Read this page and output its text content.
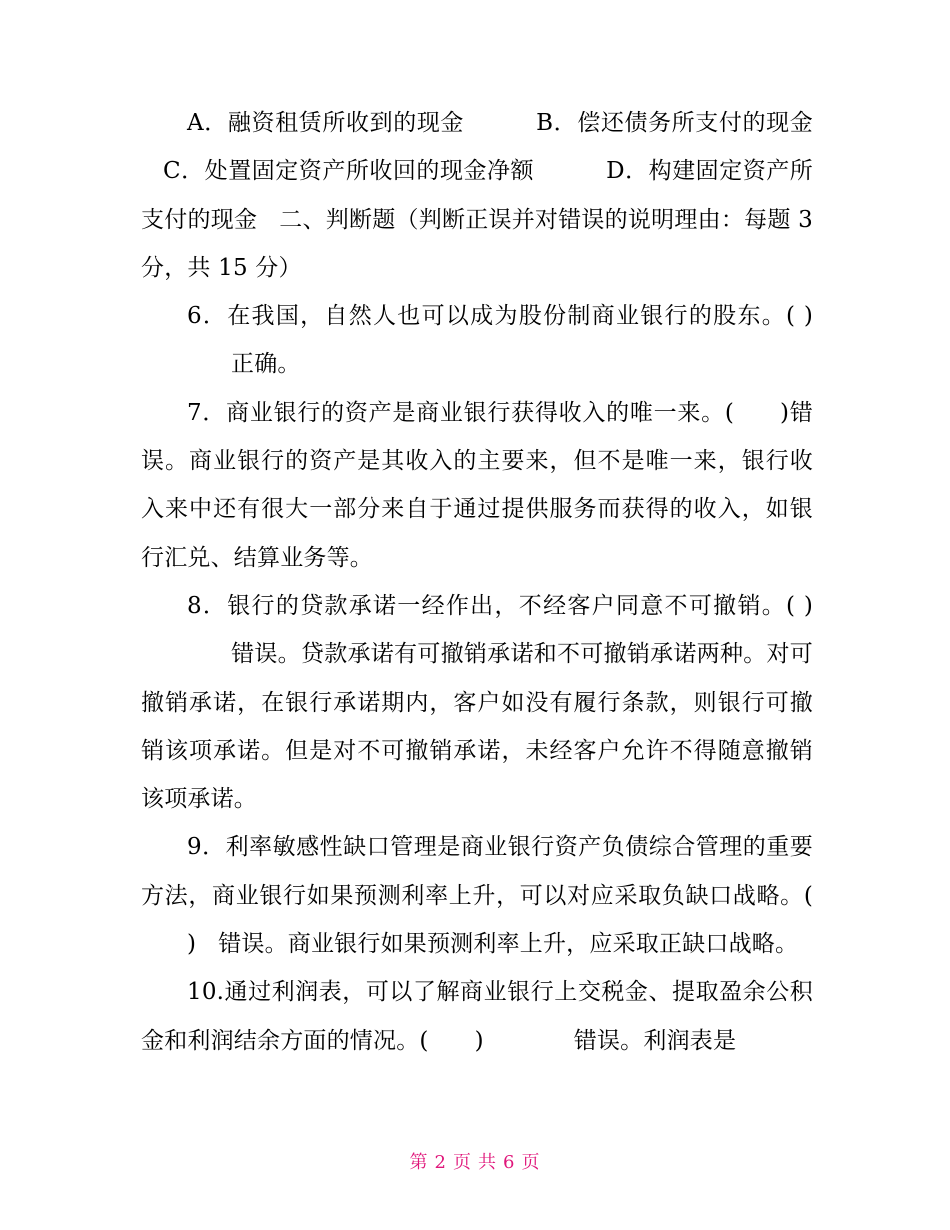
A．融资租赁所收到的现金	B．偿还债务所支付的现金C．处置固定资产所收回的现金净额	D．构建固定资产所支付的现金 二、判断题（判断正误并对错误的说明理由：每题 3 分，共 15 分）

6．在我国，自然人也可以成为股份制商业银行的股东。( )正确。

7．商业银行的资产是商业银行获得收入的唯一来。( )错误。商业银行的资产是其收入的主要来，但不是唯一来，银行收入来中还有很大一部分来自于通过提供服务而获得的收入，如银行汇兑、结算业务等。

8．银行的贷款承诺一经作出，不经客户同意不可撤销。( )错误。贷款承诺有可撤销承诺和不可撤销承诺两种。对可撤销承诺，在银行承诺期内，客户如没有履行条款，则银行可撤销该项承诺。但是对不可撤销承诺，未经客户允许不得随意撤销该项承诺。

9．利率敏感性缺口管理是商业银行资产负债综合管理的重要方法，商业银行如果预测利率上升，可以对应采取负缺口战略。() 错误。商业银行如果预测利率上升，应采取正缺口战略。

10.通过利润表，可以了解商业银行上交税金、提取盈余公积金和利润结余方面的情况。( )	错误。利润表是

第 2 页 共 6 页
